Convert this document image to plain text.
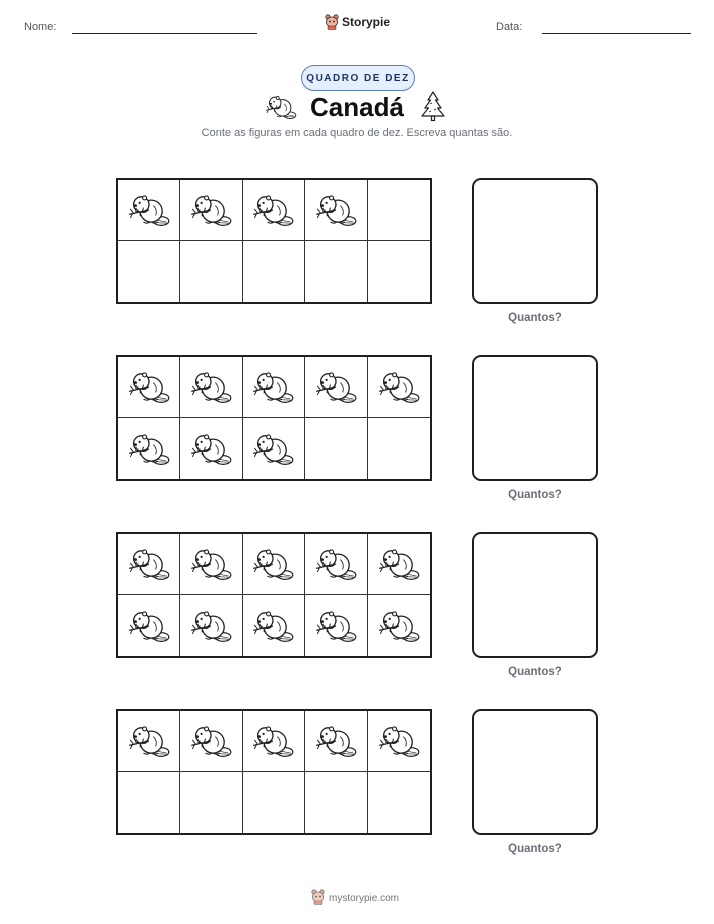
Nome:	Storypie	Data:
QUADRO DE DEZ
Canadá
Conte as figuras em cada quadro de dez. Escreva quantas são.
Quantos?
Quantos?
Quantos?
Quantos?
mystorypie.com
